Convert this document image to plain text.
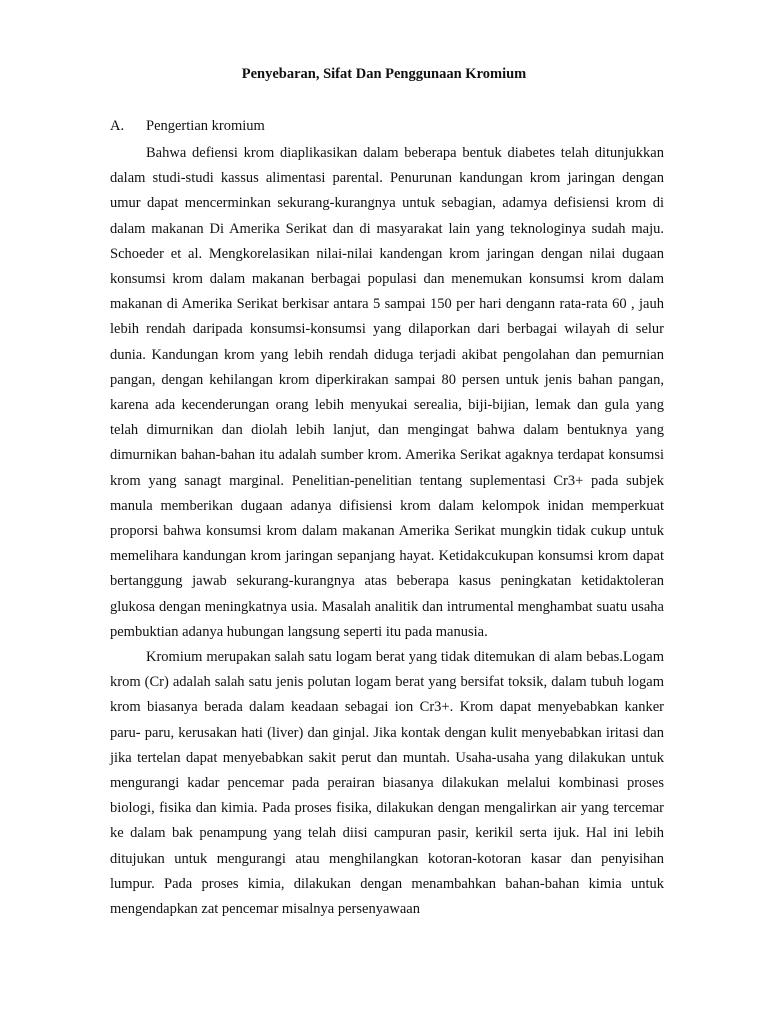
Penyebaran, Sifat Dan Penggunaan Kromium
A. Pengertian kromium

Bahwa defiensi krom diaplikasikan dalam beberapa bentuk diabetes telah ditunjukkan dalam studi-studi kassus alimentasi parental. Penurunan kandungan krom jaringan dengan umur dapat mencerminkan sekurang-kurangnya untuk sebagian, adamya defisiensi krom di dalam makanan Di Amerika Serikat dan di masyarakat lain yang teknologinya sudah maju. Schoeder et al. Mengkorelasikan nilai-nilai kandengan krom jaringan dengan nilai dugaan konsumsi krom dalam makanan berbagai populasi dan menemukan konsumsi krom dalam makanan di Amerika Serikat berkisar antara 5 sampai 150 per hari dengann rata-rata 60 , jauh lebih rendah daripada konsumsi-konsumsi yang dilaporkan dari berbagai wilayah di selur dunia. Kandungan krom yang lebih rendah diduga terjadi akibat pengolahan dan pemurnian pangan, dengan kehilangan krom diperkirakan sampai 80 persen untuk jenis bahan pangan, karena ada kecenderungan orang lebih menyukai serealia, biji-bijian, lemak dan gula yang telah dimurnikan dan diolah lebih lanjut, dan mengingat bahwa dalam bentuknya yang dimurnikan bahan-bahan itu adalah sumber krom. Amerika Serikat agaknya terdapat konsumsi krom yang sanagt marginal. Penelitian-penelitian tentang suplementasi Cr3+ pada subjek manula memberikan dugaan adanya difisiensi krom dalam kelompok inidan memperkuat proporsi bahwa konsumsi krom dalam makanan Amerika Serikat mungkin tidak cukup untuk memelihara kandungan krom jaringan sepanjang hayat. Ketidakcukupan konsumsi krom dapat bertanggung jawab sekurang-kurangnya atas beberapa kasus peningkatan ketidaktoleran glukosa dengan meningkatnya usia. Masalah analitik dan intrumental menghambat suatu usaha pembuktian adanya hubungan langsung seperti itu pada manusia.

Kromium merupakan salah satu logam berat yang tidak ditemukan di alam bebas.Logam krom (Cr) adalah salah satu jenis polutan logam berat yang bersifat toksik, dalam tubuh logam krom biasanya berada dalam keadaan sebagai ion Cr3+. Krom dapat menyebabkan kanker paru- paru, kerusakan hati (liver) dan ginjal. Jika kontak dengan kulit menyebabkan iritasi dan jika tertelan dapat menyebabkan sakit perut dan muntah. Usaha-usaha yang dilakukan untuk mengurangi kadar pencemar pada perairan biasanya dilakukan melalui kombinasi proses biologi, fisika dan kimia. Pada proses fisika, dilakukan dengan mengalirkan air yang tercemar ke dalam bak penampung yang telah diisi campuran pasir, kerikil serta ijuk. Hal ini lebih ditujukan untuk mengurangi atau menghilangkan kotoran-kotoran kasar dan penyisihan lumpur. Pada proses kimia, dilakukan dengan menambahkan bahan-bahan kimia untuk mengendapkan zat pencemar misalnya persenyawaan
